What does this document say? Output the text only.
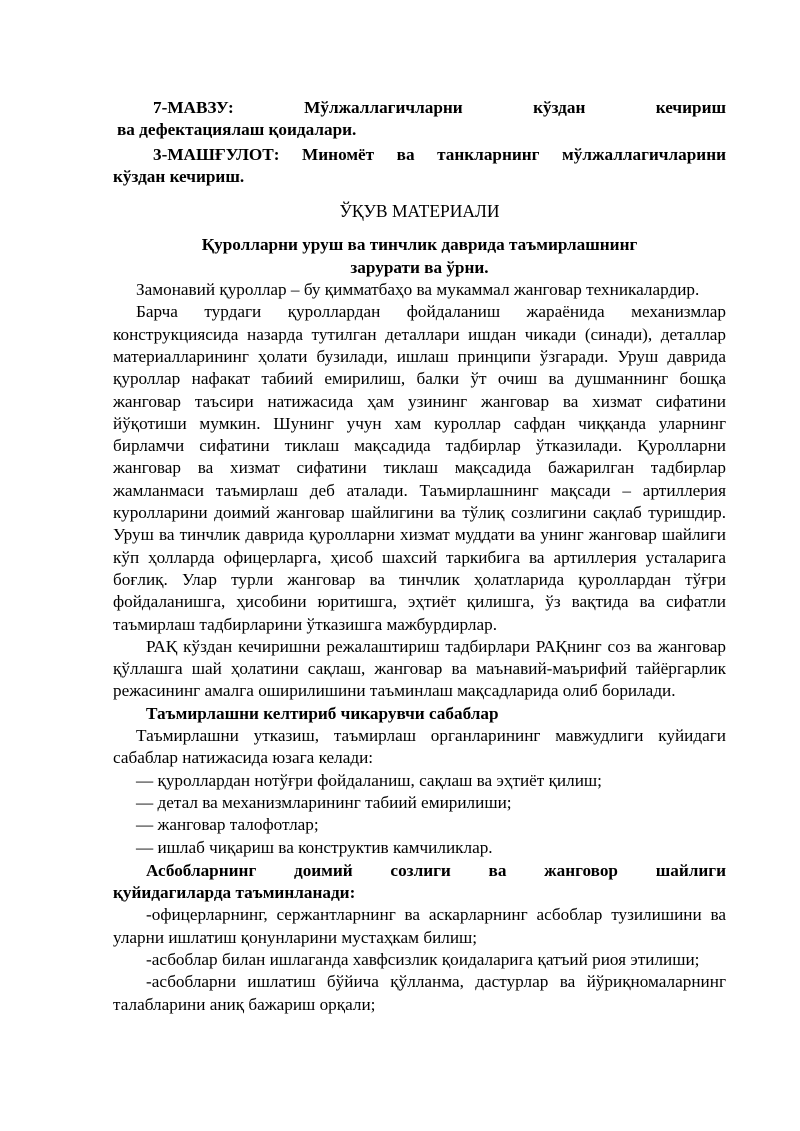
7-МАВЗУ:        Мўлжаллагичларни        кўздан        кечириш

ва дефектациялаш қоидалари.

3-МАШҒУЛОТ: Миномёт ва танкларнинг мўлжаллагичларини

кўздан кечириш.

ЎҚУВ МАТЕРИАЛИ

Қуролларни уруш ва тинчлик даврида таъмирлашнинг

зарурати ва ўрни.

Замонавий қуроллар – бу қимматбаҳо ва мукаммал жанговар техникалардир.

Барча турдаги қуроллардан фойдаланиш жараёнида механизмлар конструкциясида назарда тутилган деталлари ишдан чикади (синади), деталлар материалларининг ҳолати бузилади, ишлаш принципи ўзгаради. Уруш даврида қуроллар нафакат табиий емирилиш, балки ўт очиш ва душманнинг бошқа жанговар таъсири натижасида ҳам узининг жанговар ва хизмат сифатини йўқотиши мумкин. Шунинг учун хам куроллар сафдан чиққанда уларнинг бирламчи сифатини тиклаш мақсадида тадбирлар ўтказилади. Қуролларни жанговар ва хизмат сифатини тиклаш мақсадида бажарилган тадбирлар жамланмаси таъмирлаш деб аталади. Таъмирлашнинг мақсади – артиллерия куролларини доимий жанговар шайлигини ва тўлиқ созлигини сақлаб туришдир. Уруш ва тинчлик даврида қуролларни хизмат муддати ва унинг жанговар шайлиги кўп ҳолларда офицерларга, ҳисоб шахсий таркибига ва артиллерия усталарига боғлиқ. Улар турли жанговар ва тинчлик ҳолатларида қуроллардан тўғри фойдаланишга, ҳисобини юритишга, эҳтиёт қилишга, ўз вақтида ва сифатли таъмирлаш тадбирларини ўтказишга мажбурдирлар.

РАҚ кўздан кечиришни режалаштириш тадбирлари РАҚнинг соз ва жанговар қўллашга шай ҳолатини сақлаш, жанговар ва маънавий-маърифий тайёргарлик режасининг амалга оширилишини таъминлаш мақсадларида олиб борилади.

Таъмирлашни келтириб чикарувчи сабаблар

Таъмирлашни утказиш, таъмирлаш органларининг мавжудлиги куйидаги сабаблар натижасида юзага келади:

— қуроллардан нотўғри фойдаланиш, сақлаш ва эҳтиёт қилиш;

— детал ва механизмларининг табиий емирилиши;

— жанговар талофотлар;

— ишлаб чиқариш ва конструктив камчиликлар.

Асбобларнинг доимий созлиги ва жанговор шайлиги

қуйидагиларда таъминланади:

-офицерларнинг, сержантларнинг ва аскарларнинг асбоблар тузилишини ва уларни ишлатиш қонунларини мустаҳкам билиш;

-асбоблар билан ишлаганда хавфсизлик қоидаларига қатъий риоя этилиши;

-асбобларни ишлатиш бўйича қўлланма, дастурлар ва йўриқномаларнинг талабларини аниқ бажариш орқали;
